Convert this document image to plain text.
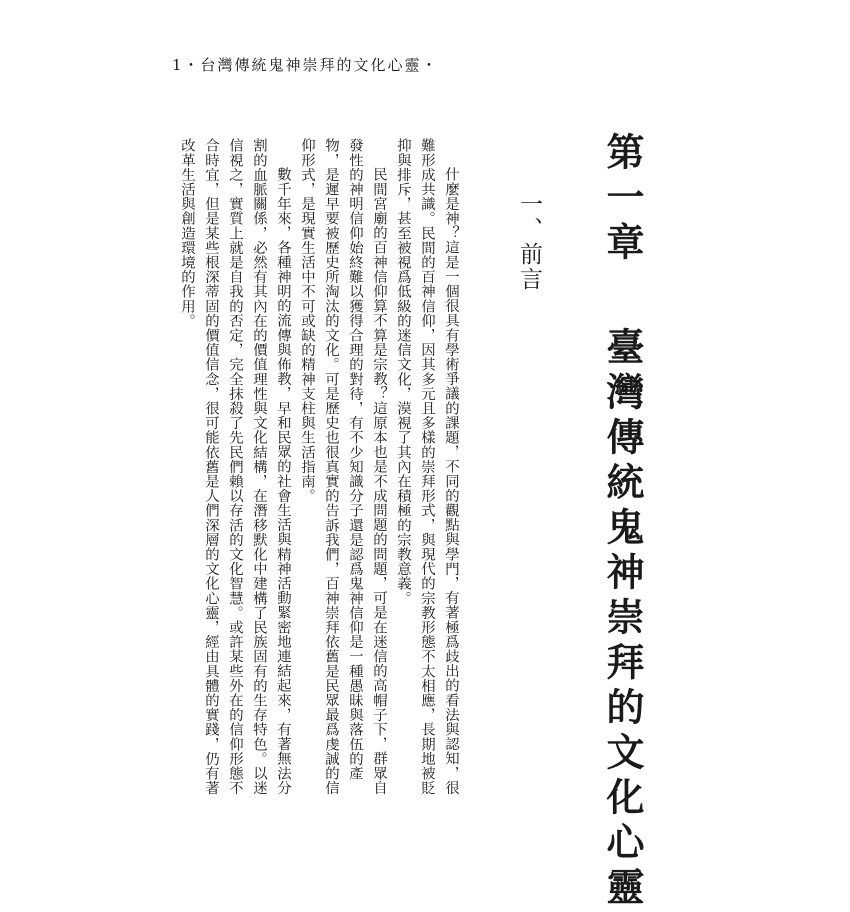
1・台灣傳統鬼神崇拜的文化心靈・
第一章臺灣傳統鬼神崇拜的文化心靈
一、前言

什麼是神？這是一個很具有學術爭議的課題，不同的觀點與學門，有著極爲歧出的看法與認知，很

難形成共識。民間的百神信仰，因其多元且多樣的崇拜形式，與現代的宗教形態不太相應，長期地被貶

抑與排斥，甚至被視爲低級的迷信文化，漠視了其內在積極的宗教意義。

民間宮廟的百神信仰算不算是宗教？這原本也是不成問題的問題，可是在迷信的高帽子下，群眾自

發性的神明信仰始終難以獲得合理的對待，有不少知識分子還是認爲鬼神信仰是一種愚昧與落伍的產

物，是遲早要被歷史所淘汰的文化。可是歷史也很真實的告訴我們，百神崇拜依舊是民眾最爲虔誠的信

仰形式，是現實生活中不可或缺的精神支柱與生活指南。

數千年來，各種神明的流傳與佈教，早和民眾的社會生活與精神活動緊密地連結起來，有著無法分

割的血脈關係，必然有其內在的價值理性與文化結構，在潛移默化中建構了民族固有的生存特色。以迷

信視之，實質上就是自我的否定，完全抹殺了先民們賴以存活的文化智慧。或許某些外在的信仰形態不

合時宜，但是某些根深蒂固的價值信念，很可能依舊是人們深層的文化心靈，經由具體的實踐，仍有著

改革生活與創造環境的作用。
